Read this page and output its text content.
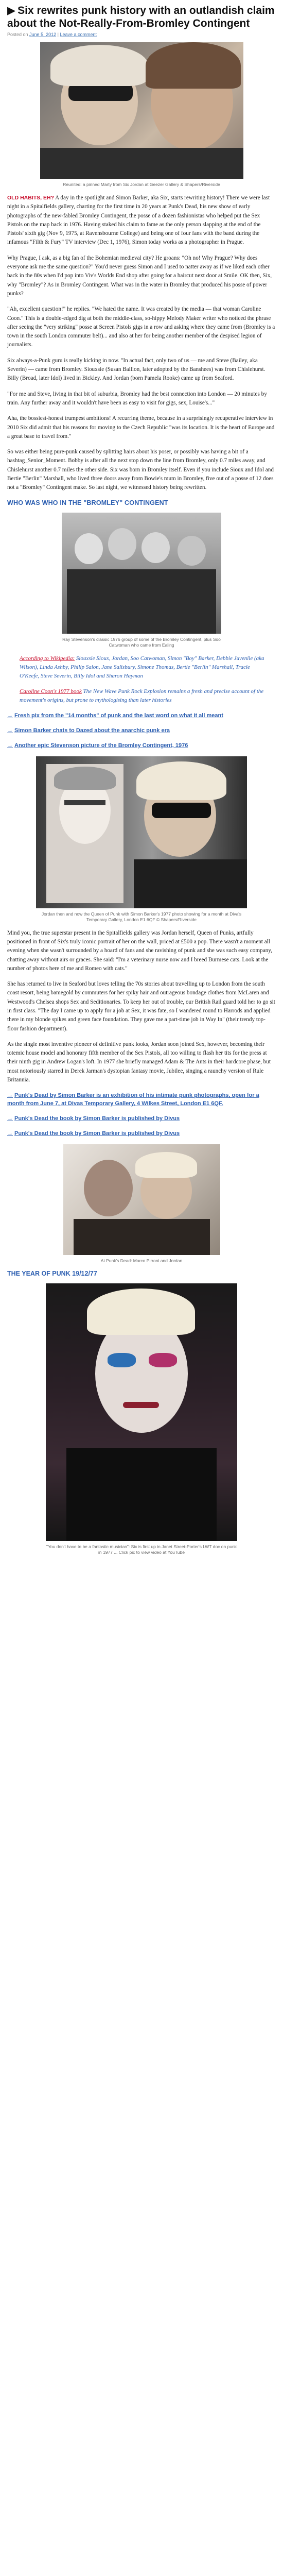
▶ Six rewrites punk history with an outlandish claim about the Not-Really-From-Bromley Contingent
Posted on June 5, 2012 | Leave a comment
Reunited: a pinned Marty from Six Jordan at Geezer Gallery & Shapers/Riverside

OLD HABITS, EH? A day in the spotlight and Simon Barker, aka Six, starts rewriting history! There we were last night in a Spitalfields gallery, charting for the first time in 20 years at Punk's Dead, his new show of early photographs of the new-fabled Bromley Contingent, the posse of a dozen fashionistas who helped put the Sex Pistols on the map back in 1976. Having staked his claim to fame as the only person slapping at the end of the Pistols' sixth gig (Nov 9, 1975, at Ravensbourne College) and being one of four fans with the band during the infamous "Filth & Fury" TV interview (Dec 1, 1976), Simon today works as a photographer in Prague.

Why Prague, I ask, as a big fan of the Bohemian medieval city? He groans: "Oh no! Why Prague? Why does everyone ask me the same question?" You'd never guess Simon and I used to natter away as if we liked each other back in the 80s when I'd pop into Viv's Worlds End shop after going for a haircut next door at Smile. OK then, Six, why "Bromley"? As in Bromley Contingent. What was in the water in Bromley that produced his posse of power punks?

"Ah, excellent question!" he replies. "We hated the name. It was created by the media — that woman Caroline Coon." This is a double-edged dig at both the middle-class, so-hippy Melody Maker writer who noticed the phrase after seeing the "very striking" posse at Screen Pistols gigs in a row and asking where they came from (Bromley is a town in the south London commuter belt)... and also at her for being another member of the despised legion of journalists.

Six always-a-Punk guru is really kicking in now. "In actual fact, only two of us — me and Steve (Bailey, aka Severin) — came from Bromley. Siouxsie (Susan Ballion, later adopted by the Banshees) was from Chislehurst. Billy (Broad, later Idol) lived in Bickley. And Jordan (born Pamela Rooke) came up from Seaford.

"For me and Steve, living in that bit of suburbia, Bromley had the best connection into London — 20 minutes by train. Any further away and it wouldn't have been as easy to visit for gigs, sex, Louise's..."

Aha, the bossiest-honest trumpest ambitions! A recurring theme, because in a surprisingly recuperative interview in 2010 Six did admit that his reasons for moving to the Czech Republic "was its location. It is the heart of Europe and a great base to travel from."

So was either being pure-punk caused by splitting hairs about his poser, or possibly was having a bit of a hashtag_Senior_Moment. Bobby is after all the next stop down the line from Bromley, only 0.7 miles away, and Chislehurst another 0.7 miles the other side. Six was born in Bromley itself. Even if you include Sioux and Idol and Bertie "Berlin" Marshall, who lived three doors away from Bowie's mum in Bromley, five out of a posse of 12 does not a "Bromley" Contingent make. So last night, we witnessed history being rewritten.

WHO WAS WHO IN THE "BROMLEY" CONTINGENT
Ray Stevenson's classic 1976 group of some of the Bromley Contingent, plus Soo Catwoman who came from Ealing
According to Wikipedia: Siouxsie Sioux, Jordan, Soo Catwoman, Simon "Boy" Barker, Debbie Juvenile (aka Wilson), Linda Ashby, Philip Salon, Jane Salisbury, Simone Thomas, Bertie "Berlin" Marshall, Tracie O'Keefe, Steve Severin, Billy Idol and Sharon Hayman
Caroline Coon's 1977 book The New Wave Punk Rock Explosion remains a fresh and precise account of the movement's origins, but prone to mythologising than later histories
→ Fresh pix from the "14 months" of punk and the last word on what it all meant
→ Simon Barker chats to Dazed about the anarchic punk era
→ Another epic Stevenson picture of the Bromley Contingent, 1976
Jordan then and now the Queen of Punk with Simon Barker's 1977 photo showing for a month at Diva's Temporary Gallery, London E1 6QF © Shapers/Riverside

Mind you, the true superstar present in the Spitalfields gallery was Jordan herself, Queen of Punks, artfully positioned in front of Six's truly iconic portrait of her on the wall, priced at £500 a pop. There wasn't a moment all evening when she wasn't surrounded by a hoard of fans and she ravishing of punk and she was such easy company, chatting away without airs or graces. She said: "I'm a veterinary nurse now and I breed Burmese cats. Look at the number of photos here of me and Romeo with cats."

She has returned to live in Seaford but loves telling the 70s stories about travelling up to London from the south coast resort, being bamegold by commuters for her spiky hair and outrageous bondage clothes from McLaren and Westwood's Chelsea shops Sex and Seditionaries. To keep her out of trouble, our British Rail guard told her to go sit in first class. "The day I came up to apply for a job at Sex, it was fate, so I wandered round to Harrods and applied there in my blonde spikes and green face foundation. They gave me a part-time job in Way In" (their trendy top-floor fashion department).

As the single most inventive pioneer of definitive punk looks, Jordan soon joined Sex, however, becoming their totemic house model and honorary fifth member of the Sex Pistols, all too willing to flash her tits for the press at their ninth gig in Andrew Logan's loft. In 1977 she briefly managed Adam & The Ants in their hardcore phase, but most notoriously starred in Derek Jarman's dystopian fantasy movie, Jubilee, singing a raunchy version of Rule Britannia.

→ Punk's Dead by Simon Barker is an exhibition of his intimate punk photographs, open for a month from June 7, at Divas Temporary Gallery, 4 Wilkes Street, London E1 6QF.
→ Punk's Dead the book by Simon Barker is published by Divus
→ Punk's Dead the book by Simon Barker is published by Divus
At Punk's Dead: Marco Pirroni and Jordan
THE YEAR OF PUNK 19/12/77
"You don't have to be a fantastic musician": Six is first up in Janet Street-Porter's LWT doc on punk in 1977 ... Click pic to view video at YouTube
